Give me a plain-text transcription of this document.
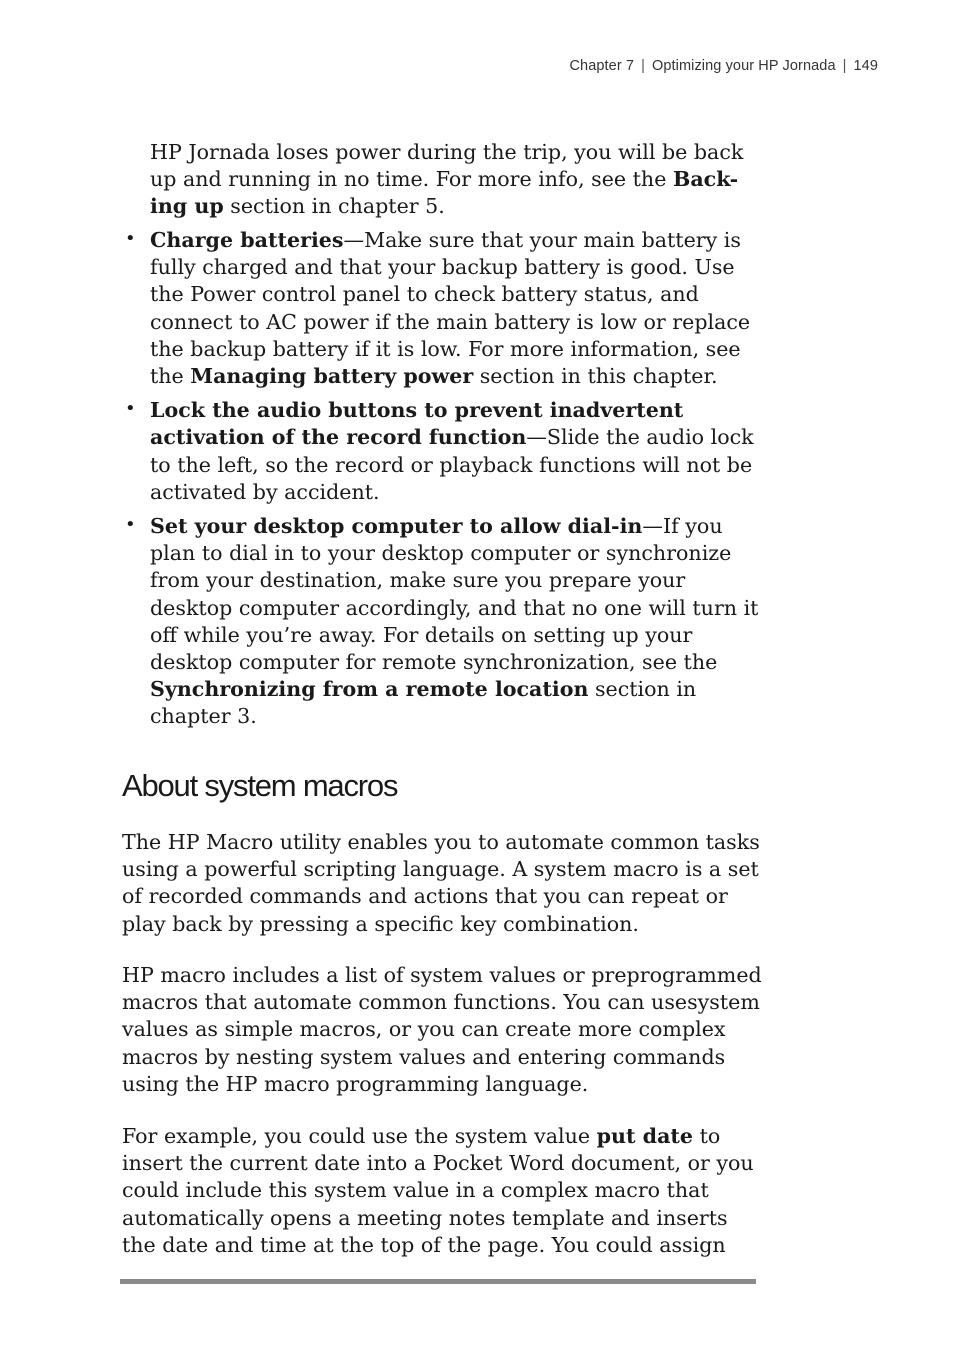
Chapter 7 | Optimizing your HP Jornada | 149
HP Jornada loses power during the trip, you will be back up and running in no time. For more info, see the Back-ing up section in chapter 5.
• Charge batteries—Make sure that your main battery is fully charged and that your backup battery is good. Use the Power control panel to check battery status, and connect to AC power if the main battery is low or replace the backup battery if it is low. For more information, see the Managing battery power section in this chapter.
• Lock the audio buttons to prevent inadvertent activation of the record function—Slide the audio lock to the left, so the record or playback functions will not be activated by accident.
• Set your desktop computer to allow dial-in—If you plan to dial in to your desktop computer or synchronize from your destination, make sure you prepare your desktop computer accordingly, and that no one will turn it off while you’re away. For details on setting up your desktop computer for remote synchronization, see the Synchronizing from a remote location section in chapter 3.
About system macros

The HP Macro utility enables you to automate common tasks using a powerful scripting language. A system macro is a set of recorded commands and actions that you can repeat or play back by pressing a specific key combination.

HP macro includes a list of system values or preprogrammed macros that automate common functions. You can usesystem values as simple macros, or you can create more complex macros by nesting system values and entering commands using the HP macro programming language.

For example, you could use the system value put date to insert the current date into a Pocket Word document, or you could include this system value in a complex macro that automatically opens a meeting notes template and inserts the date and time at the top of the page. You could assign
